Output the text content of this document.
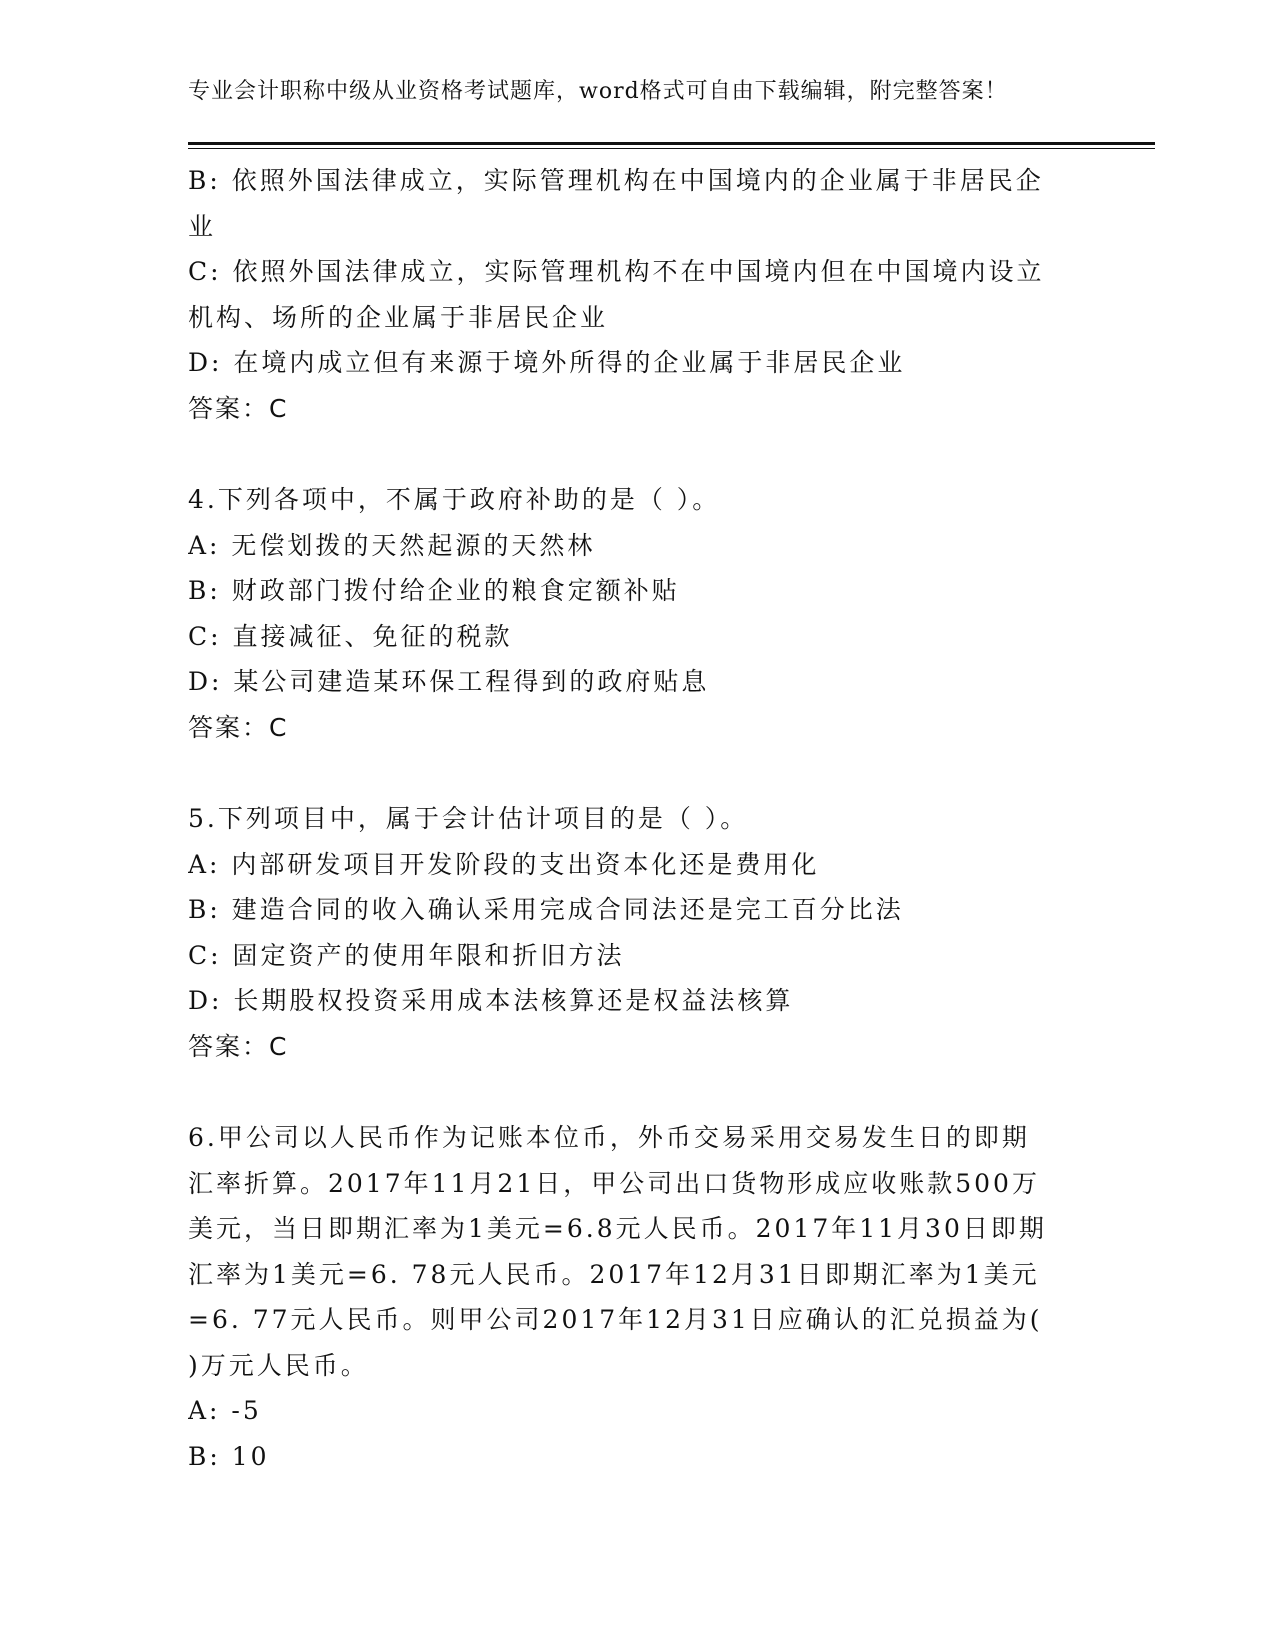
专业会计职称中级从业资格考试题库，word格式可自由下载编辑，附完整答案！
B: 依照外国法律成立，实际管理机构在中国境内的企业属于非居民企
业
C: 依照外国法律成立，实际管理机构不在中国境内但在中国境内设立
机构、场所的企业属于非居民企业
D: 在境内成立但有来源于境外所得的企业属于非居民企业
答案：C
4.下列各项中，不属于政府补助的是（ ）。
A: 无偿划拨的天然起源的天然林
B: 财政部门拨付给企业的粮食定额补贴
C: 直接减征、免征的税款
D: 某公司建造某环保工程得到的政府贴息
答案：C
5.下列项目中，属于会计估计项目的是（ ）。
A: 内部研发项目开发阶段的支出资本化还是费用化
B: 建造合同的收入确认采用完成合同法还是完工百分比法
C: 固定资产的使用年限和折旧方法
D: 长期股权投资采用成本法核算还是权益法核算
答案：C
6.甲公司以人民币作为记账本位币，外币交易采用交易发生日的即期
汇率折算。2017年11月21日，甲公司出口货物形成应收账款500万
美元，当日即期汇率为1美元=6.8元人民币。2017年11月30日即期
汇率为1美元=6. 78元人民币。2017年12月31日即期汇率为1美元
=6. 77元人民币。则甲公司2017年12月31日应确认的汇兑损益为(
)万元人民币。
A: -5
B: 10
